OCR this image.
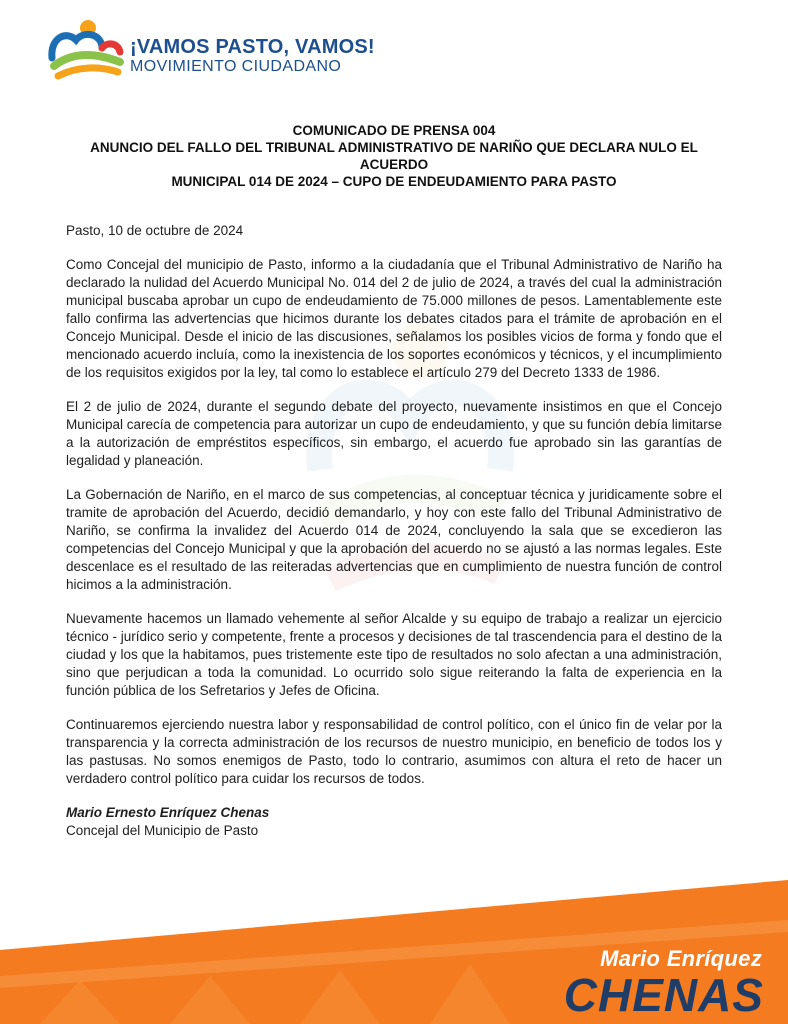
¡VAMOS PASTO, VAMOS!
MOVIMIENTO CIUDADANO
COMUNICADO DE PRENSA 004
ANUNCIO DEL FALLO DEL TRIBUNAL ADMINISTRATIVO DE NARIÑO QUE DECLARA NULO EL ACUERDO
MUNICIPAL 014 DE 2024 – CUPO DE ENDEUDAMIENTO PARA PASTO

Pasto, 10 de octubre de 2024

Como Concejal del municipio de Pasto, informo a la ciudadanía que el Tribunal Administrativo de Nariño ha declarado la nulidad del Acuerdo Municipal No. 014 del 2 de julio de 2024, a través del cual la administración municipal buscaba aprobar un cupo de endeudamiento de 75.000 millones de pesos. Lamentablemente este fallo confirma las advertencias que hicimos durante los debates citados para el trámite de aprobación en el Concejo Municipal. Desde el inicio de las discusiones, señalamos los posibles vicios de forma y fondo que el mencionado acuerdo incluía, como la inexistencia de los soportes económicos y técnicos, y el incumplimiento de los requisitos exigidos por la ley, tal como lo establece el artículo 279 del Decreto 1333 de 1986.

El 2 de julio de 2024, durante el segundo debate del proyecto, nuevamente insistimos en que el Concejo Municipal carecía de competencia para autorizar un cupo de endeudamiento, y que su función debía limitarse a la autorización de empréstitos específicos, sin embargo, el acuerdo fue aprobado sin las garantías de legalidad y planeación.

La Gobernación de Nariño, en el marco de sus competencias, al conceptuar técnica y juridicamente sobre el tramite de aprobación del Acuerdo, decidió demandarlo, y hoy con este fallo del Tribunal Administrativo de Nariño, se confirma la invalidez del Acuerdo 014 de 2024, concluyendo la sala que se excedieron las competencias del Concejo Municipal y que la aprobación del acuerdo no se ajustó a las normas legales. Este descenlace es el resultado de las reiteradas advertencias que en cumplimiento de nuestra función de control hicimos a la administración.

Nuevamente hacemos un llamado vehemente al señor Alcalde y su equipo de trabajo a realizar un ejercicio técnico - jurídico serio y competente, frente a procesos y decisiones de tal trascendencia para el destino de la ciudad y los que la habitamos, pues tristemente este tipo de resultados no solo afectan a una administración, sino que perjudican a toda la comunidad. Lo ocurrido solo sigue reiterando la falta de experiencia en la función pública de los Sefretarios y Jefes de Oficina.

Continuaremos ejerciendo nuestra labor y responsabilidad de control político, con el único fin de velar por la transparencia y la correcta administración de los recursos de nuestro municipio, en beneficio de todos los y las pastusas. No somos enemigos de Pasto, todo lo contrario, asumimos con altura el reto de hacer un verdadero control político para cuidar los recursos de todos.

Mario Ernesto Enríquez Chenas
Concejal del Municipio de Pasto
Mario Enríquez
CHENAS
